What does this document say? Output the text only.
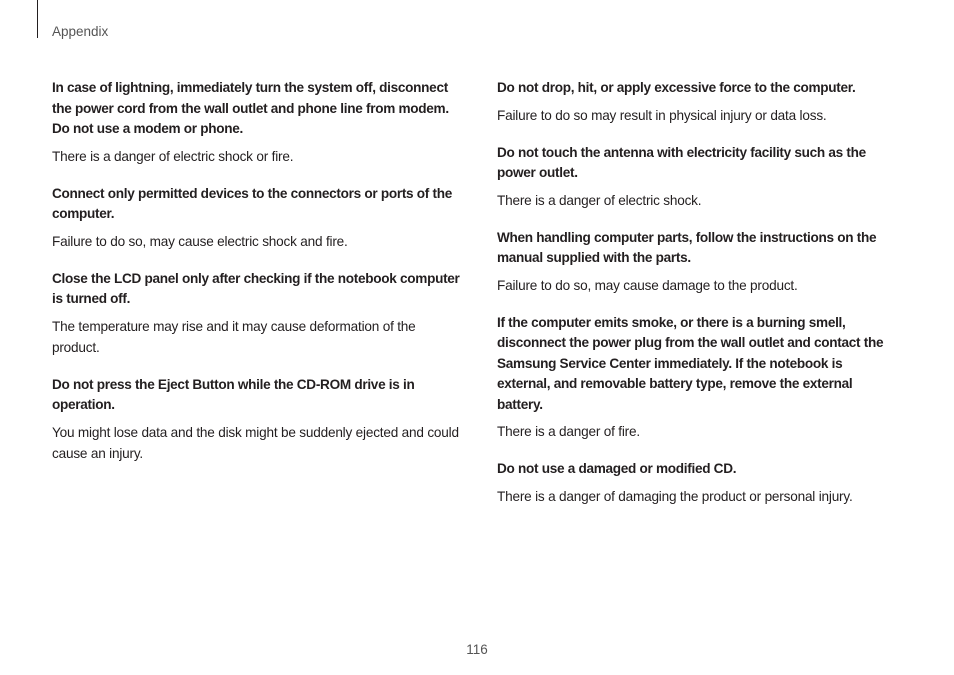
Appendix

In case of lightning, immediately turn the system off, disconnect the power cord from the wall outlet and phone line from modem. Do not use a modem or phone.

There is a danger of electric shock or fire.

Connect only permitted devices to the connectors or ports of the computer.

Failure to do so, may cause electric shock and fire.

Close the LCD panel only after checking if the notebook computer is turned off.

The temperature may rise and it may cause deformation of the product.

Do not press the Eject Button while the CD-ROM drive is in operation.

You might lose data and the disk might be suddenly ejected and could cause an injury.

Do not drop, hit, or apply excessive force to the computer.

Failure to do so may result in physical injury or data loss.

Do not touch the antenna with electricity facility such as the power outlet.

There is a danger of electric shock.

When handling computer parts, follow the instructions on the manual supplied with the parts.

Failure to do so, may cause damage to the product.

If the computer emits smoke, or there is a burning smell, disconnect the power plug from the wall outlet and contact the Samsung Service Center immediately. If the notebook is external, and removable battery type, remove the external battery.

There is a danger of fire.

Do not use a damaged or modified CD.

There is a danger of damaging the product or personal injury.

116
